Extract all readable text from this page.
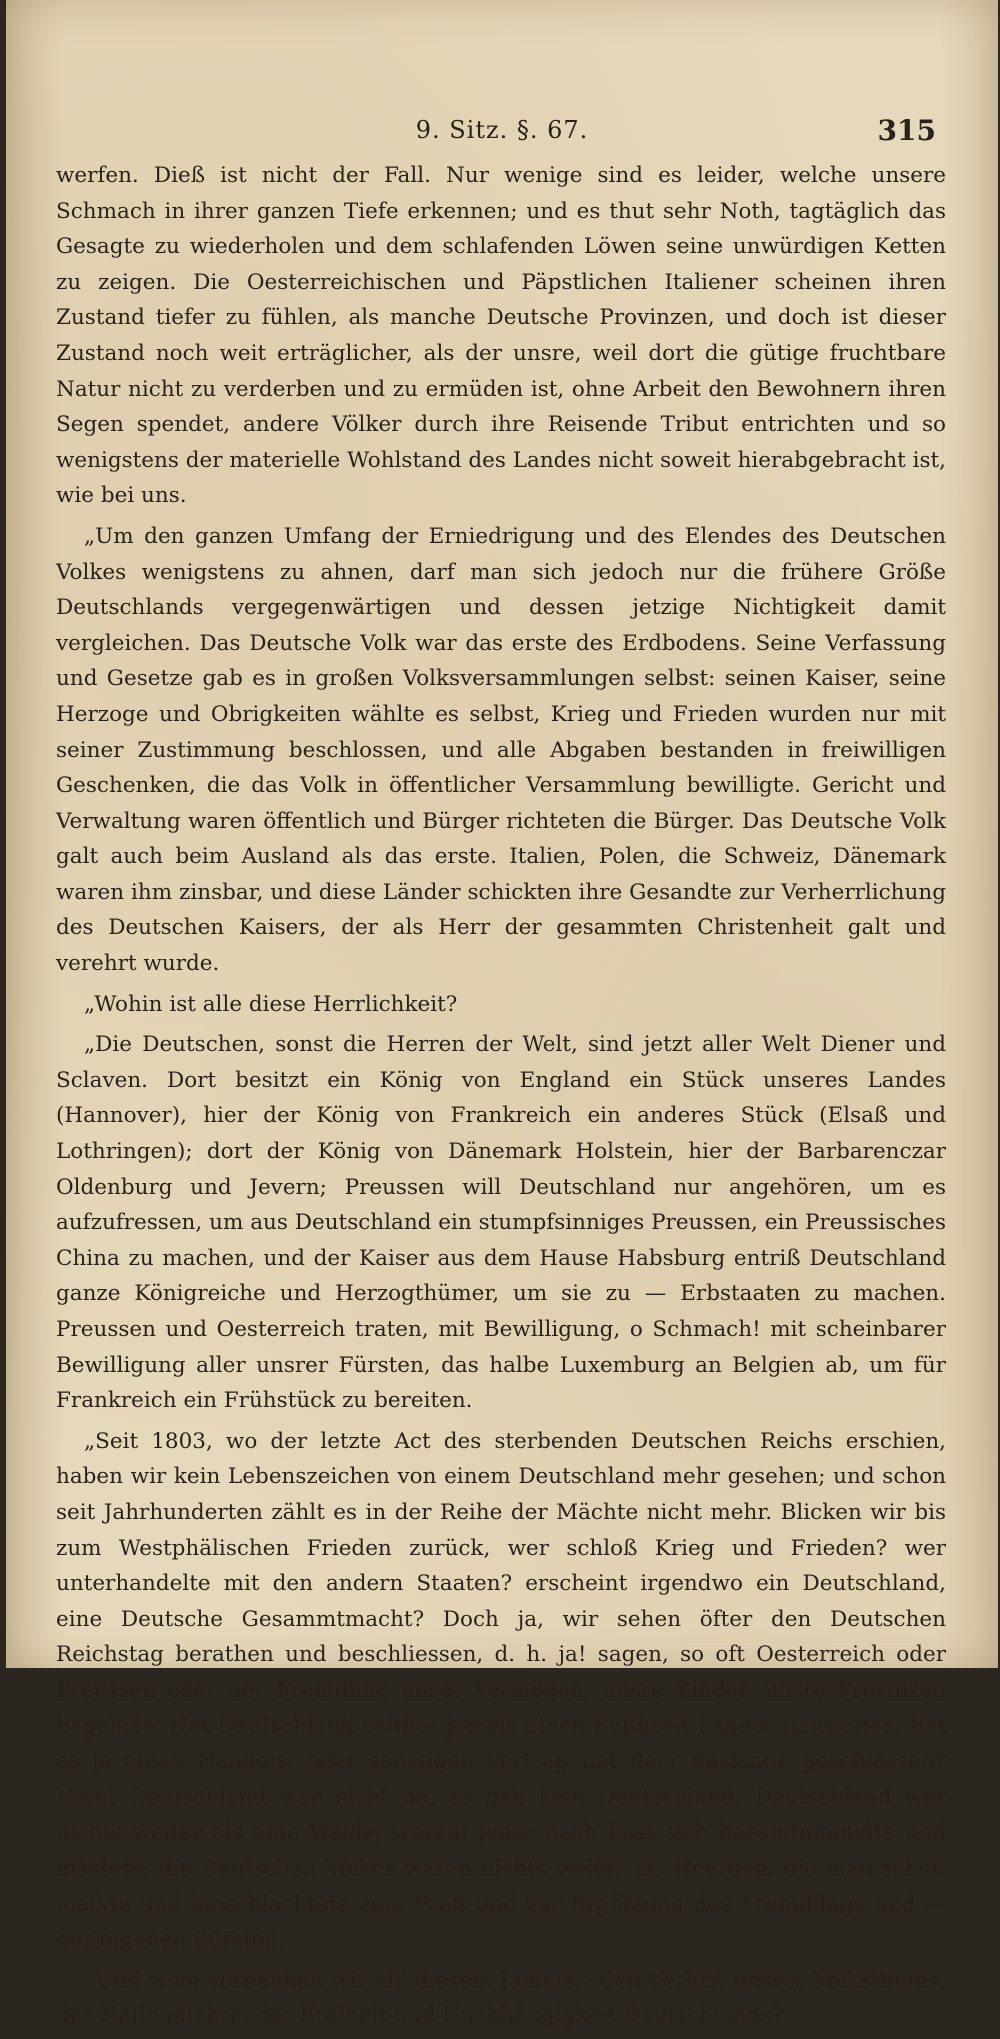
9. Sitz. §. 67.	315

werfen. Dieß ist nicht der Fall. Nur wenige sind es leider, welche unsere Schmach in ihrer ganzen Tiefe erkennen; und es thut sehr Noth, tagtäglich das Gesagte zu wiederholen und dem schlafenden Löwen seine unwürdigen Ketten zu zeigen. Die Oesterreichischen und Päpstlichen Italiener scheinen ihren Zustand tiefer zu fühlen, als manche Deutsche Provinzen, und doch ist dieser Zustand noch weit erträglicher, als der unsre, weil dort die gütige fruchtbare Natur nicht zu verderben und zu ermüden ist, ohne Arbeit den Bewohnern ihren Segen spendet, andere Völker durch ihre Reisende Tribut entrichten und so wenigstens der materielle Wohlstand des Landes nicht soweit hierabgebracht ist, wie bei uns.

„Um den ganzen Umfang der Erniedrigung und des Elendes des Deutschen Volkes wenigstens zu ahnen, darf man sich jedoch nur die frühere Größe Deutschlands vergegenwärtigen und dessen jetzige Nichtigkeit damit vergleichen. Das Deutsche Volk war das erste des Erdbodens. Seine Verfassung und Gesetze gab es in großen Volksversammlungen selbst: seinen Kaiser, seine Herzoge und Obrigkeiten wählte es selbst, Krieg und Frieden wurden nur mit seiner Zustimmung beschlossen, und alle Abgaben bestanden in freiwilligen Geschenken, die das Volk in öffentlicher Versammlung bewilligte. Gericht und Verwaltung waren öffentlich und Bürger richteten die Bürger. Das Deutsche Volk galt auch beim Ausland als das erste. Italien, Polen, die Schweiz, Dänemark waren ihm zinsbar, und diese Länder schickten ihre Gesandte zur Verherrlichung des Deutschen Kaisers, der als Herr der gesammten Christenheit galt und verehrt wurde.

„Wohin ist alle diese Herrlichkeit?

„Die Deutschen, sonst die Herren der Welt, sind jetzt aller Welt Diener und Sclaven. Dort besitzt ein König von England ein Stück unseres Landes (Hannover), hier der König von Frankreich ein anderes Stück (Elsaß und Lothringen); dort der König von Dänemark Holstein, hier der Barbarenczar Oldenburg und Jevern; Preussen will Deutschland nur angehören, um es aufzufressen, um aus Deutschland ein stumpfsinniges Preussen, ein Preussisches China zu machen, und der Kaiser aus dem Hause Habsburg entriß Deutschland ganze Königreiche und Herzogthümer, um sie zu — Erbstaaten zu machen. Preussen und Oesterreich traten, mit Bewilligung, o Schmach! mit scheinbarer Bewilligung aller unsrer Fürsten, das halbe Luxemburg an Belgien ab, um für Frankreich ein Frühstück zu bereiten.

„Seit 1803, wo der letzte Act des sterbenden Deutschen Reichs erschien, haben wir kein Lebenszeichen von einem Deutschland mehr gesehen; und schon seit Jahrhunderten zählt es in der Reihe der Mächte nicht mehr. Blicken wir bis zum Westphälischen Frieden zurück, wer schloß Krieg und Frieden? wer unterhandelte mit den andern Staaten? erscheint irgendwo ein Deutschland, eine Deutsche Gesammtmacht? Doch ja, wir sehen öfter den Deutschen Reichstag berathen und beschliessen, d. h. ja! sagen, so oft Oesterreich oder Preussen oder der Fremdling unser Vermögen, unsre Kinder, unsre Provinzen begehrte. Hat Deutschland seither jemals einen Fußbreit Landes gewonnen, hat es je einen Handels- oder sonstigen Vertrag mit dem Auslande geschlossen? Nein! Deutschland war nicht da, es gab kein Deutschland, Deutschland war nichts weiter als eine Waide, worauf jeder nach Lust sich herumtummelte und mästete; die Deutschen Völker waren nichts weiter als Heerden, die man schor, melkte und hinschlachtete zum Fraß und zur Ergötzung des Fremdlings und — der eigenen Fürsten.

„Und wem verdanken wir all' diesem Jammer; den Verlust unsres Volksthums, der Nationalehre, der Freiheit und Unabhängigkeit Deutschlands?
